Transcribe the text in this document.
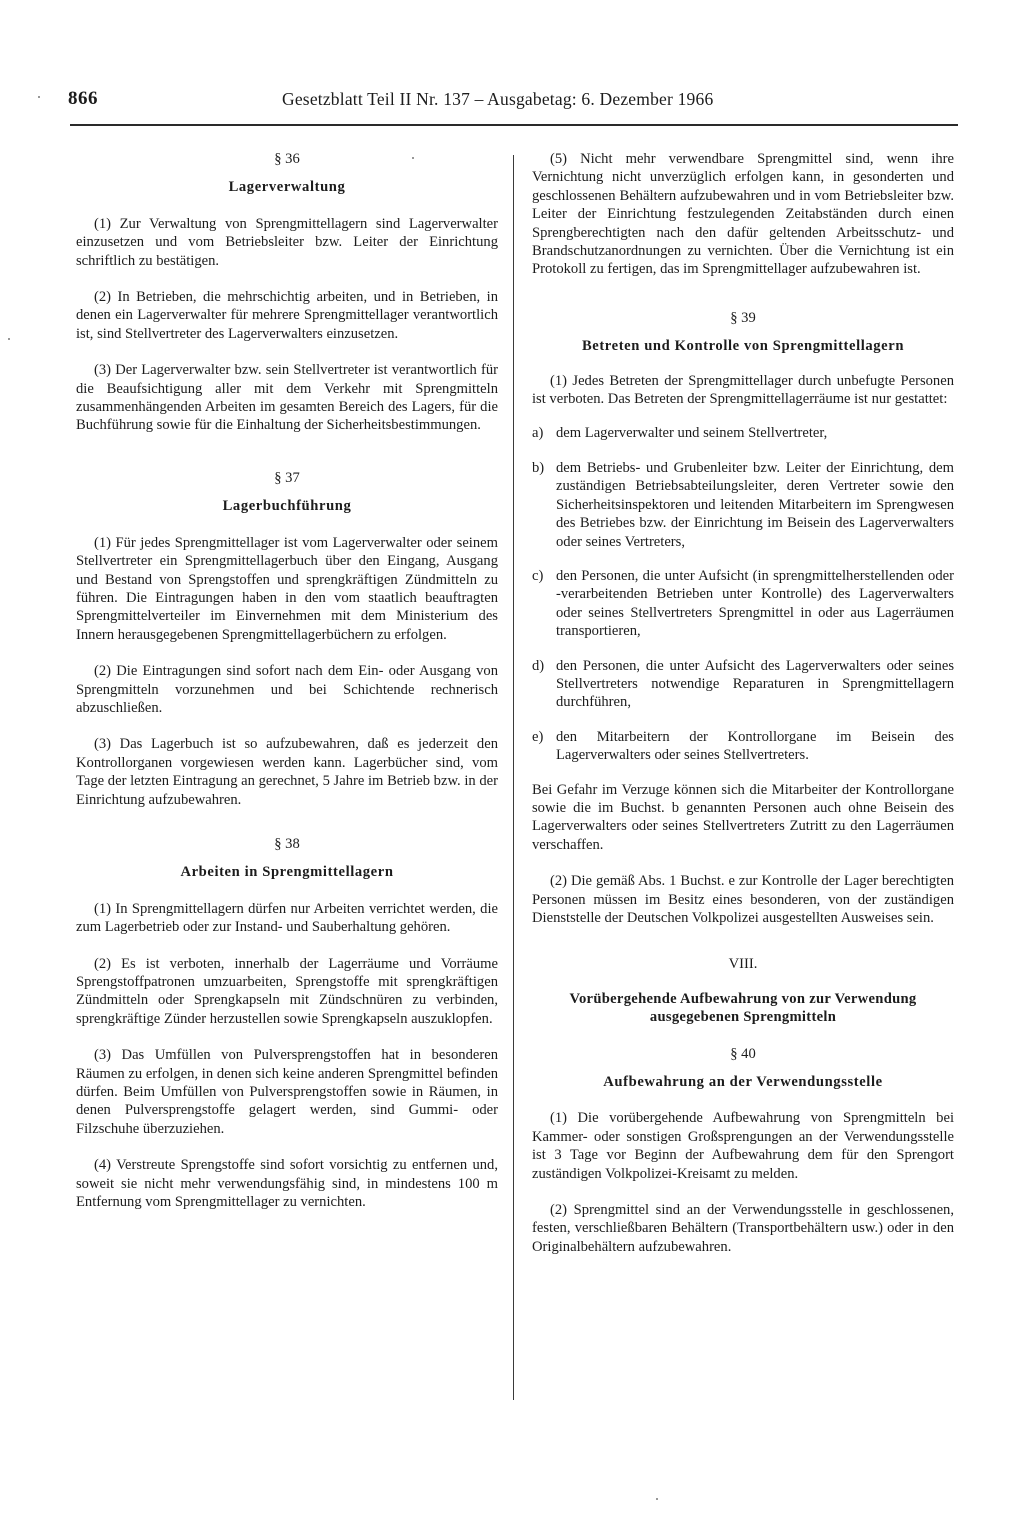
866	Gesetzblatt Teil II Nr. 137 – Ausgabetag: 6. Dezember 1966

§ 36

Lagerverwaltung

(1) Zur Verwaltung von Sprengmittellagern sind Lagerverwalter einzusetzen und vom Betriebsleiter bzw. Leiter der Einrichtung schriftlich zu bestätigen.

(2) In Betrieben, die mehrschichtig arbeiten, und in Betrieben, in denen ein Lagerverwalter für mehrere Sprengmittellager verantwortlich ist, sind Stellvertreter des Lagerverwalters einzusetzen.

(3) Der Lagerverwalter bzw. sein Stellvertreter ist verantwortlich für die Beaufsichtigung aller mit dem Verkehr mit Sprengmitteln zusammenhängenden Arbeiten im gesamten Bereich des Lagers, für die Buchführung sowie für die Einhaltung der Sicherheitsbestimmungen.

§ 37

Lagerbuchführung

(1) Für jedes Sprengmittellager ist vom Lagerverwalter oder seinem Stellvertreter ein Sprengmittellagerbuch über den Eingang, Ausgang und Bestand von Sprengstoffen und sprengkräftigen Zündmitteln zu führen. Die Eintragungen haben in den vom staatlich beauftragten Sprengmittelverteiler im Einvernehmen mit dem Ministerium des Innern herausgegebenen Sprengmittellagerbüchern zu erfolgen.

(2) Die Eintragungen sind sofort nach dem Ein- oder Ausgang von Sprengmitteln vorzunehmen und bei Schichtende rechnerisch abzuschließen.

(3) Das Lagerbuch ist so aufzubewahren, daß es jederzeit den Kontrollorganen vorgewiesen werden kann. Lagerbücher sind, vom Tage der letzten Eintragung an gerechnet, 5 Jahre im Betrieb bzw. in der Einrichtung aufzubewahren.

§ 38

Arbeiten in Sprengmittellagern

(1) In Sprengmittellagern dürfen nur Arbeiten verrichtet werden, die zum Lagerbetrieb oder zur Instand- und Sauberhaltung gehören.

(2) Es ist verboten, innerhalb der Lagerräume und Vorräume Sprengstoffpatronen umzuarbeiten, Sprengstoffe mit sprengkräftigen Zündmitteln oder Sprengkapseln mit Zündschnüren zu verbinden, sprengkräftige Zünder herzustellen sowie Sprengkapseln auszuklopfen.

(3) Das Umfüllen von Pulversprengstoffen hat in besonderen Räumen zu erfolgen, in denen sich keine anderen Sprengmittel befinden dürfen. Beim Umfüllen von Pulversprengstoffen sowie in Räumen, in denen Pulversprengstoffe gelagert werden, sind Gummi- oder Filzschuhe überzuziehen.

(4) Verstreute Sprengstoffe sind sofort vorsichtig zu entfernen und, soweit sie nicht mehr verwendungsfähig sind, in mindestens 100 m Entfernung vom Sprengmittellager zu vernichten.

(5) Nicht mehr verwendbare Sprengmittel sind, wenn ihre Vernichtung nicht unverzüglich erfolgen kann, in gesonderten und geschlossenen Behältern aufzubewahren und in vom Betriebsleiter bzw. Leiter der Einrichtung festzulegenden Zeitabständen durch einen Sprengberechtigten nach den dafür geltenden Arbeitsschutz- und Brandschutzanordnungen zu vernichten. Über die Vernichtung ist ein Protokoll zu fertigen, das im Sprengmittellager aufzubewahren ist.

§ 39

Betreten und Kontrolle von Sprengmittellagern

(1) Jedes Betreten der Sprengmittellager durch unbefugte Personen ist verboten. Das Betreten der Sprengmittellagerräume ist nur gestattet:

a) dem Lagerverwalter und seinem Stellvertreter,
b) dem Betriebs- und Grubenleiter bzw. Leiter der Einrichtung, dem zuständigen Betriebsabteilungsleiter, deren Vertreter sowie den Sicherheitsinspektoren und leitenden Mitarbeitern im Sprengwesen des Betriebes bzw. der Einrichtung im Beisein des Lagerverwalters oder seines Vertreters,
c) den Personen, die unter Aufsicht (in sprengmittelherstellenden oder -verarbeitenden Betrieben unter Kontrolle) des Lagerverwalters oder seines Stellvertreters Sprengmittel in oder aus Lagerräumen transportieren,
d) den Personen, die unter Aufsicht des Lagerverwalters oder seines Stellvertreters notwendige Reparaturen in Sprengmittellagern durchführen,
e) den Mitarbeitern der Kontrollorgane im Beisein des Lagerverwalters oder seines Stellvertreters.

Bei Gefahr im Verzuge können sich die Mitarbeiter der Kontrollorgane sowie die im Buchst. b genannten Personen auch ohne Beisein des Lagerverwalters oder seines Stellvertreters Zutritt zu den Lagerräumen verschaffen.

(2) Die gemäß Abs. 1 Buchst. e zur Kontrolle der Lager berechtigten Personen müssen im Besitz eines besonderen, von der zuständigen Dienststelle der Deutschen Volkpolizei ausgestellten Ausweises sein.

VIII.

Vorübergehende Aufbewahrung von zur Verwendung

ausgegebenen Sprengmitteln

§ 40

Aufbewahrung an der Verwendungsstelle

(1) Die vorübergehende Aufbewahrung von Sprengmitteln bei Kammer- oder sonstigen Großsprengungen an der Verwendungsstelle ist 3 Tage vor Beginn der Aufbewahrung dem für den Sprengort zuständigen Volkpolizei-Kreisamt zu melden.

(2) Sprengmittel sind an der Verwendungsstelle in geschlossenen, festen, verschließbaren Behältern (Transportbehältern usw.) oder in den Originalbehältern aufzubewahren.
